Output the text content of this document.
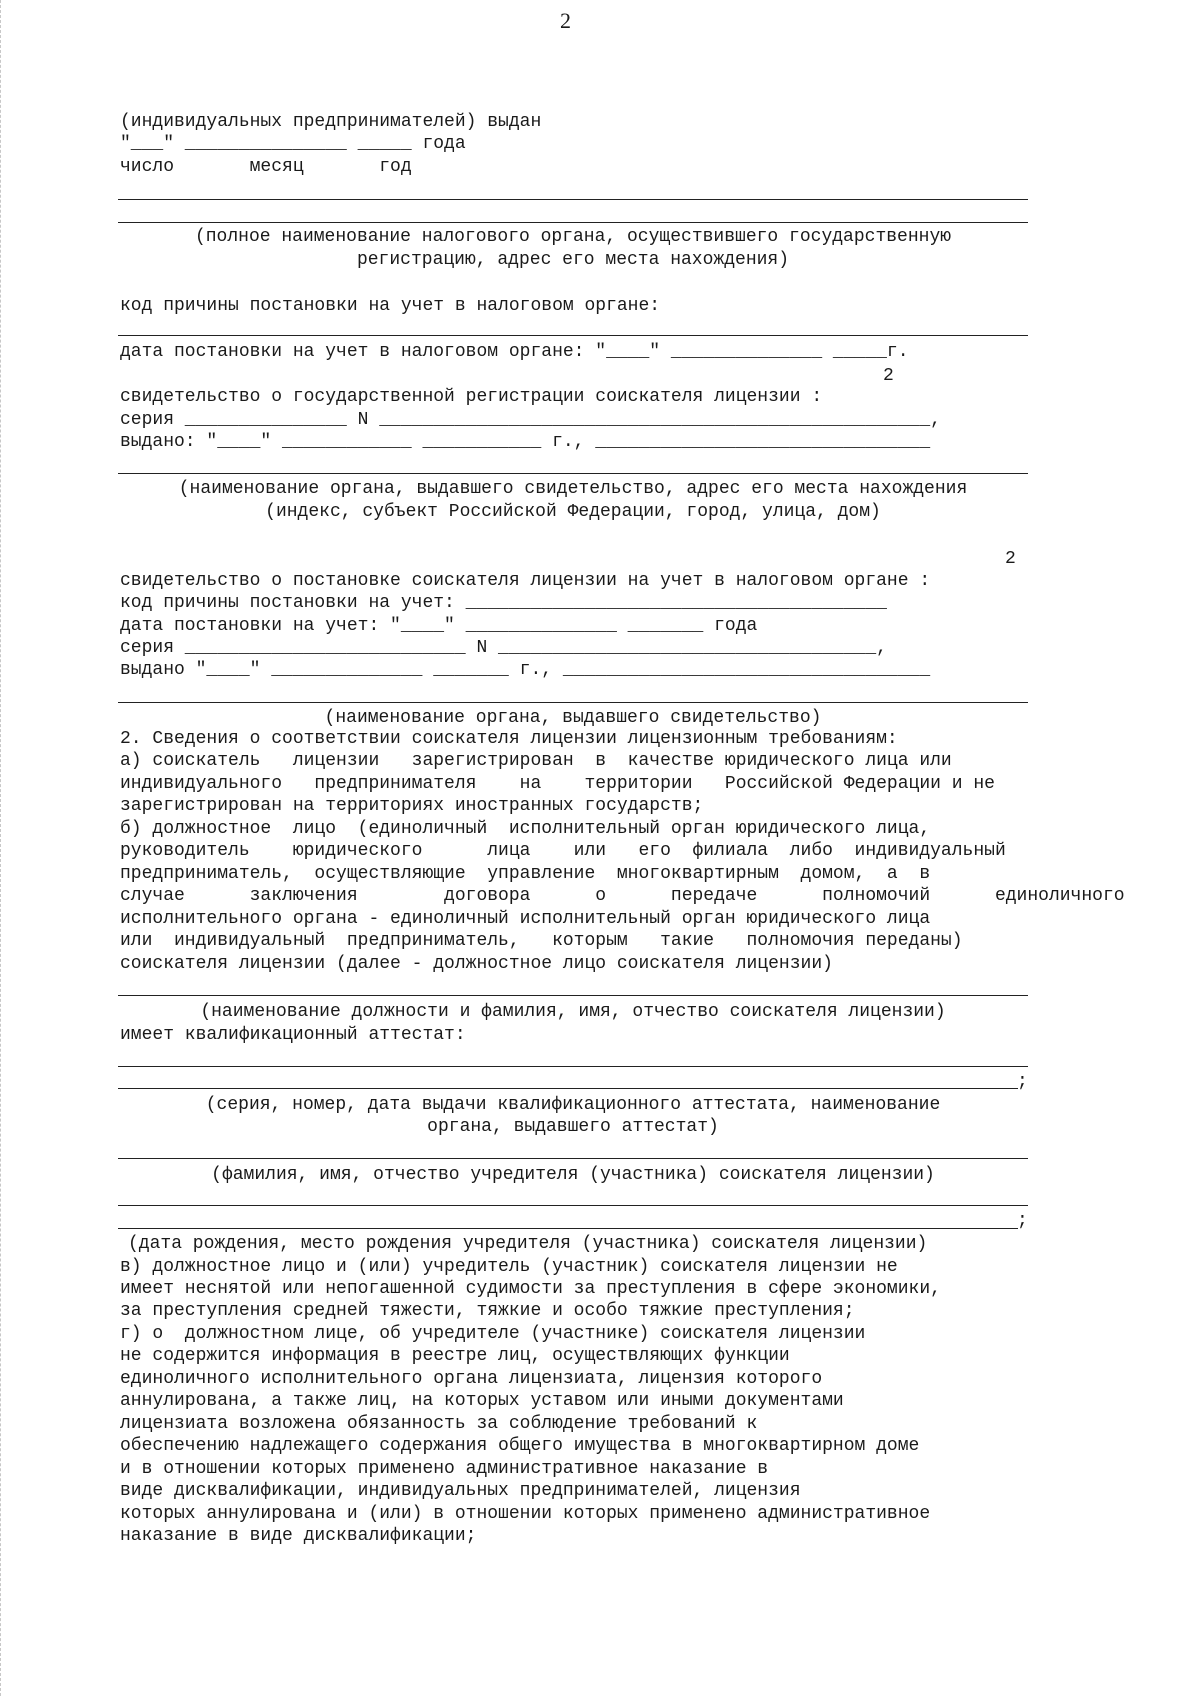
2

(индивидуальных предпринимателей) выдан

"___" _______________ _____ года

число       месяц       год

(полное наименование налогового органа, осуществившего государственную

регистрацию, адрес его места нахождения)

код причины постановки на учет в налоговом органе:

дата постановки на учет в налоговом органе: "____" ______________ _____г.

2

свидетельство о государственной регистрации соискателя лицензии :

серия _______________ N ___________________________________________________,

выдано: "____" ____________ ___________ г., _______________________________

(наименование органа, выдавшего свидетельство, адрес его места нахождения

(индекс, субъект Российской Федерации, город, улица, дом)

2

свидетельство о постановке соискателя лицензии на учет в налоговом органе :

код причины постановки на учет: _______________________________________

дата постановки на учет: "____" ______________ _______ года

серия __________________________ N ___________________________________,

выдано "____" ______________ _______ г., __________________________________

(наименование органа, выдавшего свидетельство)

2. Сведения о соответствии соискателя лицензии лицензионным требованиям:

а) соискатель   лицензии   зарегистрирован  в  качестве юридического лица или

индивидуального   предпринимателя    на    территории   Российской Федерации и не

зарегистрирован на территориях иностранных государств;

б) должностное  лицо  (единоличный  исполнительный орган юридического лица,

руководитель    юридического      лица    или   его  филиала  либо  индивидуальный

предприниматель,  осуществляющие  управление  многоквартирным  домом,  а  в

случае      заключения        договора      о      передаче      полномочий      единоличного

исполнительного органа - единоличный исполнительный орган юридического лица

или  индивидуальный  предприниматель,   которым   такие   полномочия переданы)

соискателя лицензии (далее - должностное лицо соискателя лицензии)

(наименование должности и фамилия, имя, отчество соискателя лицензии)

имеет квалификационный аттестат:

;

(серия, номер, дата выдачи квалификационного аттестата, наименование

органа, выдавшего аттестат)

(фамилия, имя, отчество учредителя (участника) соискателя лицензии)

;

(дата рождения, место рождения учредителя (участника) соискателя лицензии)

в) должностное лицо и (или) учредитель (участник) соискателя лицензии не

имеет неснятой или непогашенной судимости за преступления в сфере экономики,

за преступления средней тяжести, тяжкие и особо тяжкие преступления;

г) о  должностном лице, об учредителе (участнике) соискателя лицензии

не содержится информация в реестре лиц, осуществляющих функции

единоличного исполнительного органа лицензиата, лицензия которого

аннулирована, а также лиц, на которых уставом или иными документами

лицензиата возложена обязанность за соблюдение требований к

обеспечению надлежащего содержания общего имущества в многоквартирном доме

и в отношении которых применено административное наказание в

виде дисквалификации, индивидуальных предпринимателей, лицензия

которых аннулирована и (или) в отношении которых применено административное

наказание в виде дисквалификации;
